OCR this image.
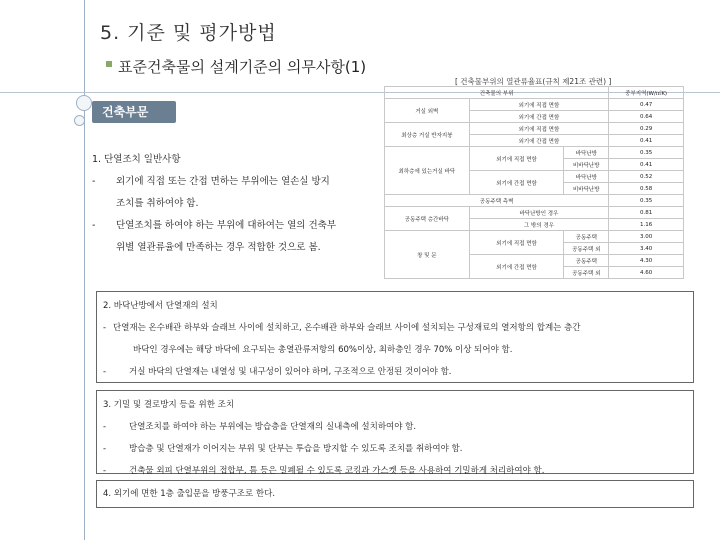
5. 기준 및 평가방법
표준건축물의 설계기준의 의무사항(1)
건축부문
1. 단열조치 일반사항
- 외기에 직접 또는 간접 면하는 부위에는 열손실 방지
조치를 취하여야 함.
- 단열조치를 하여야 하는 부위에 대하여는 열의 건축부
위별 열관류율에 만족하는 경우 적합한 것으로 봄.
[ 건축물부위의 열관류율표(규칙 제21조 관련) ]
건축물의 부위			중부지역(W/㎡K)
거실 외벽	외기에 직접 면함		0.47
	외기에 간접 면함		0.64
최상층 거실 반자지붕	외기에 직접 면함		0.29
	외기에 간접 면함		0.41
최하층에 있는거실 바닥	외기에 직접 면함	바닥난방	0.35
		비바닥난방	0.41
	외기에 간접 면함	바닥난방	0.52
		비바닥난방	0.58
공동주택 측벽			0.35
공동주택 층간바닥	바닥난방인 경우		0.81
	그 밖의 경우		1.16
창 및 문	외기에 직접 면함	공동주택	3.00
		공동주택 외	3.40
	외기에 간접 면함	공동주택	4.30
		공동주택 외	4.60
2. 바닥난방에서 단열재의 설치
- 단열재는 온수배관 하부와 슬래브 사이에 설치하고, 온수배관 하부와 슬래브 사이에 설치되는 구성재료의 열저항의 합계는 층간
바닥인 경우에는 해당 바닥에 요구되는 총열관류저항의 60%이상, 최하층인 경우 70% 이상 되어야 함.
-	거실 바닥의 단열재는 내열성 및 내구성이 있어야 하며, 구조적으로 안정된 것이어야 함.
3. 기밀 및 결로방지 등을 위한 조치
-	단열조치를 하여야 하는 부위에는 방습층을 단열재의 실내측에 설치하여야 함.
-	방습층 및 단열재가 이어지는 부위 및 단부는 투습을 방지할 수 있도록 조치를 취하여야 함.
-	건축물 외피 단열부위의 접합부, 틈 등은 밀폐될 수 있도록 코킹과 가스켓 등을 사용하여 기밀하게 처리하여야 함.
4. 외기에 면한 1층 출입문을 방풍구조로 한다.
